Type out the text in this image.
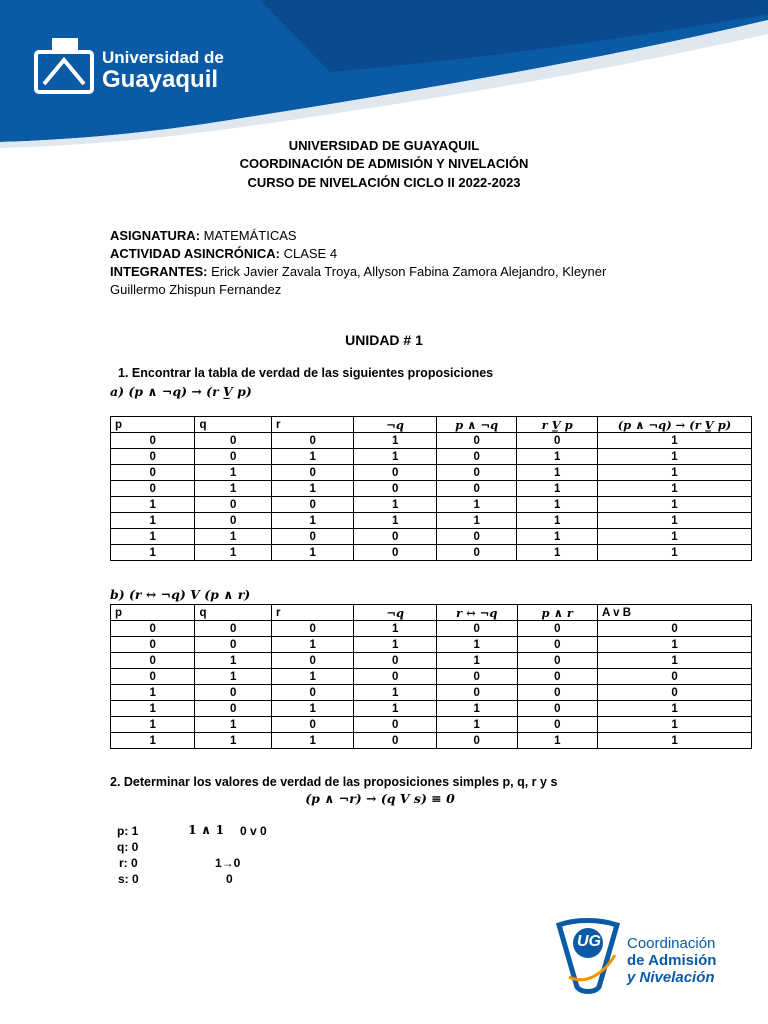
Universidad de
Guayaquil
UNIVERSIDAD DE GUAYAQUIL
COORDINACIÓN DE ADMISIÓN Y NIVELACIÓN
CURSO DE NIVELACIÓN CICLO II 2022-2023
ASIGNATURA: MATEMÁTICAS
ACTIVIDAD ASINCRÓNICA: CLASE 4
INTEGRANTES: Erick Javier Zavala Troya, Allyson Fabina Zamora Alejandro, Kleyner
Guillermo Zhispun Fernandez
UNIDAD # 1
1. Encontrar la tabla de verdad de las siguientes proposiciones
a) (p ∧ ¬q) → (r V̲ p)
p	q	r	¬q	p ∧ ¬q	r V̲ p	(p ∧ ¬q) → (r V̲ p)
0	0	0	1	0	0	1
0	0	1	1	0	1	1
0	1	0	0	0	1	1
0	1	1	0	0	1	1
1	0	0	1	1	1	1
1	0	1	1	1	1	1
1	1	0	0	0	1	1
1	1	1	0	0	1	1
b) (r ↔ ¬q) V (p ∧ r)
p	q	r	¬q	r ↔ ¬q	p ∧ r	A v B
0	0	0	1	0	0	0
0	0	1	1	1	0	1
0	1	0	0	1	0	1
0	1	1	0	0	0	0
1	0	0	1	0	0	0
1	0	1	1	1	0	1
1	1	0	0	1	0	1
1	1	1	0	0	1	1
2. Determinar los valores de verdad de las proposiciones simples p, q, r y s
(p ∧ ¬r) → (q V s) ≡ 0
p: 1
q: 0
r: 0
s: 0
1 ∧ 1 0 v 0
1→0
0
UG Coordinación
de Admisión
y Nivelación
